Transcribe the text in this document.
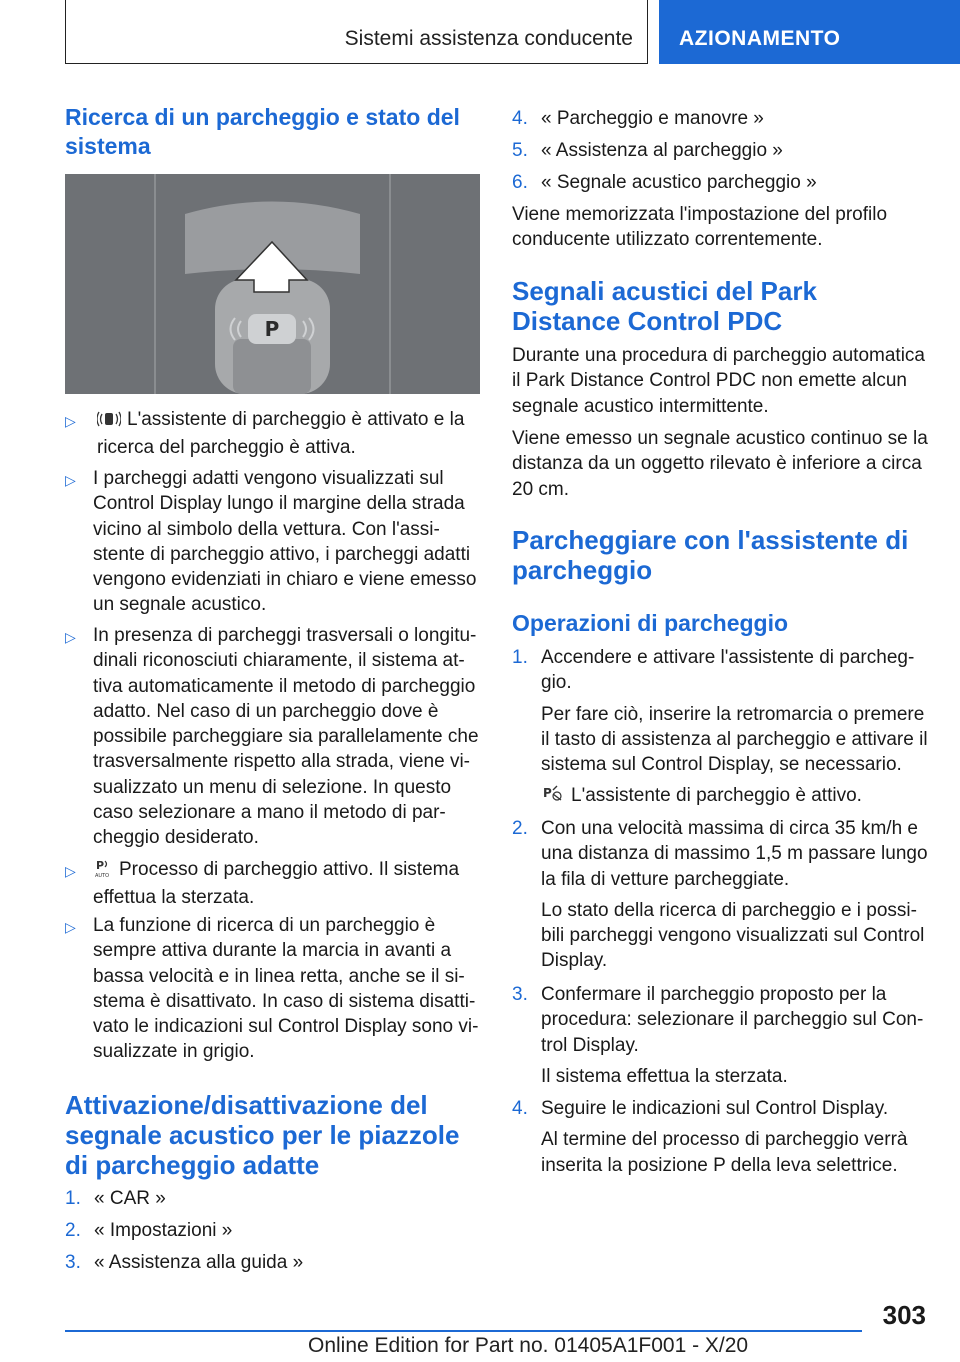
Sistemi assistenza conducente AZIONAMENTO
Ricerca di un parcheggio e stato del sistema
P
▷	L'assistente di parcheggio è attivato e la ricerca del parcheggio è attiva.
▷ I parcheggi adatti vengono visualizzati sul Control Display lungo il margine della strada vicino al simbolo della vettura. Con l'assi-stente di parcheggio attivo, i parcheggi adatti vengono evidenziati in chiaro e viene emesso un segnale acustico.
▷ In presenza di parcheggi trasversali o longitu-dinali riconosciuti chiaramente, il sistema at-tiva automaticamente il metodo di parcheggio adatto. Nel caso di un parcheggio dove è possibile parcheggiare sia parallelamente che trasversalmente rispetto alla strada, viene vi-sualizzato un menu di selezione. In questo caso selezionare a mano il metodo di par-cheggio desiderato.
▷ P
AUTO Processo di parcheggio attivo. Il sistema effettua la sterzata.
▷ La funzione di ricerca di un parcheggio è sempre attiva durante la marcia in avanti a bassa velocità e in linea retta, anche se il si-stema è disattivato. In caso di sistema disatti-vato le indicazioni sul Control Display sono vi-sualizzate in grigio.
Attivazione/disattivazione del segnale acustico per le piazzole di parcheggio adatte
1. « CAR »
2. « Impostazioni »
3. « Assistenza alla guida »
4. « Parcheggio e manovre »
5. « Assistenza al parcheggio »
6. « Segnale acustico parcheggio »

Viene memorizzata l'impostazione del profilo conducente utilizzato correntemente.

Segnali acustici del Park Distance Control PDC

Durante una procedura di parcheggio automatica il Park Distance Control PDC non emette alcun segnale acustico intermittente.

Viene emesso un segnale acustico continuo se la distanza da un oggetto rilevato è inferiore a circa 20 cm.

Parcheggiare con l'assistente di parcheggio
Operazioni di parcheggio
1. Accendere e attivare l'assistente di parcheg-gio.
Per fare ciò, inserire la retromarcia o premere il tasto di assistenza al parcheggio e attivare il sistema sul Control Display, se necessario.
P L'assistente di parcheggio è attivo.
2. Con una velocità massima di circa 35 km/h e una distanza di massimo 1,5 m passare lungo la fila di vetture parcheggiate.
Lo stato della ricerca di parcheggio e i possi-bili parcheggi vengono visualizzati sul Control Display.
3. Confermare il parcheggio proposto per la procedura: selezionare il parcheggio sul Con-trol Display.
Il sistema effettua la sterzata.
4. Seguire le indicazioni sul Control Display.
Al termine del processo di parcheggio verrà inserita la posizione P della leva selettrice.
303
Online Edition for Part no. 01405A1F001 - X/20
